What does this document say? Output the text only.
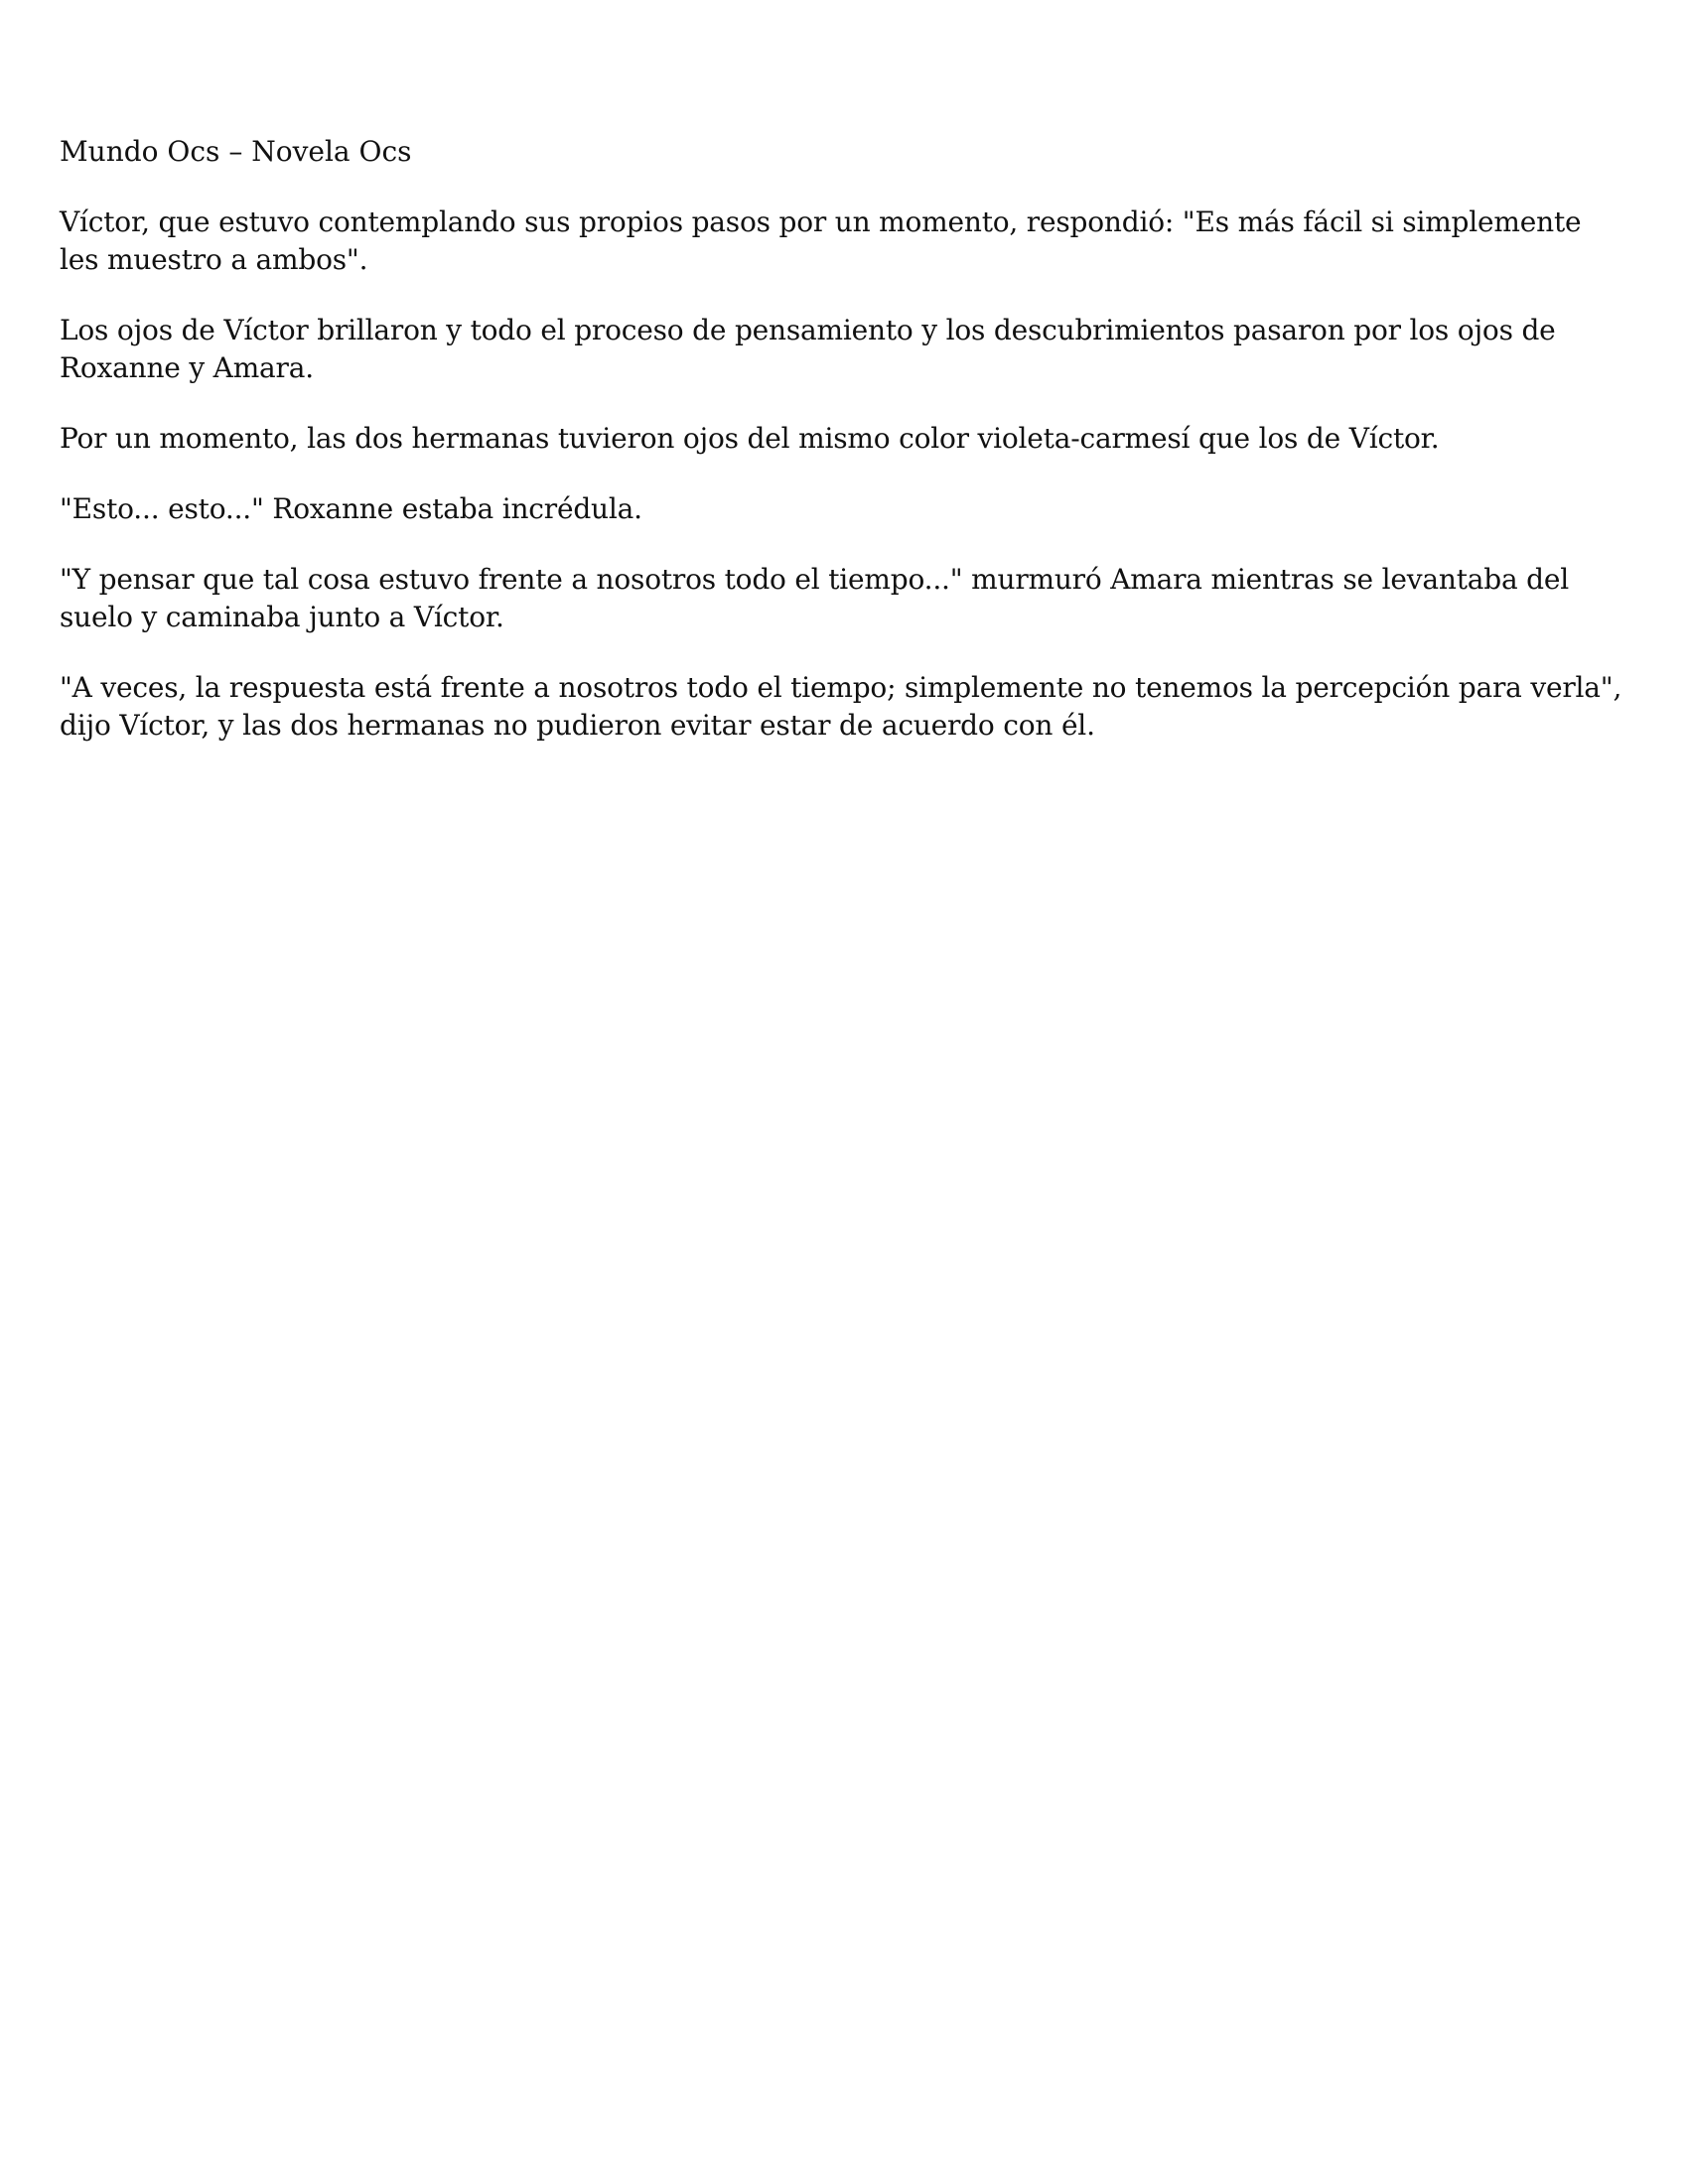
Mundo Ocs – Novela Ocs

Víctor, que estuvo contemplando sus propios pasos por un momento, respondió: "Es más fácil si simplemente les muestro a ambos".

Los ojos de Víctor brillaron y todo el proceso de pensamiento y los descubrimientos pasaron por los ojos de Roxanne y Amara.

Por un momento, las dos hermanas tuvieron ojos del mismo color violeta-carmesí que los de Víctor.

"Esto... esto..." Roxanne estaba incrédula.

"Y pensar que tal cosa estuvo frente a nosotros todo el tiempo..." murmuró Amara mientras se levantaba del suelo y caminaba junto a Víctor.

"A veces, la respuesta está frente a nosotros todo el tiempo; simplemente no tenemos la percepción para verla", dijo Víctor, y las dos hermanas no pudieron evitar estar de acuerdo con él.
